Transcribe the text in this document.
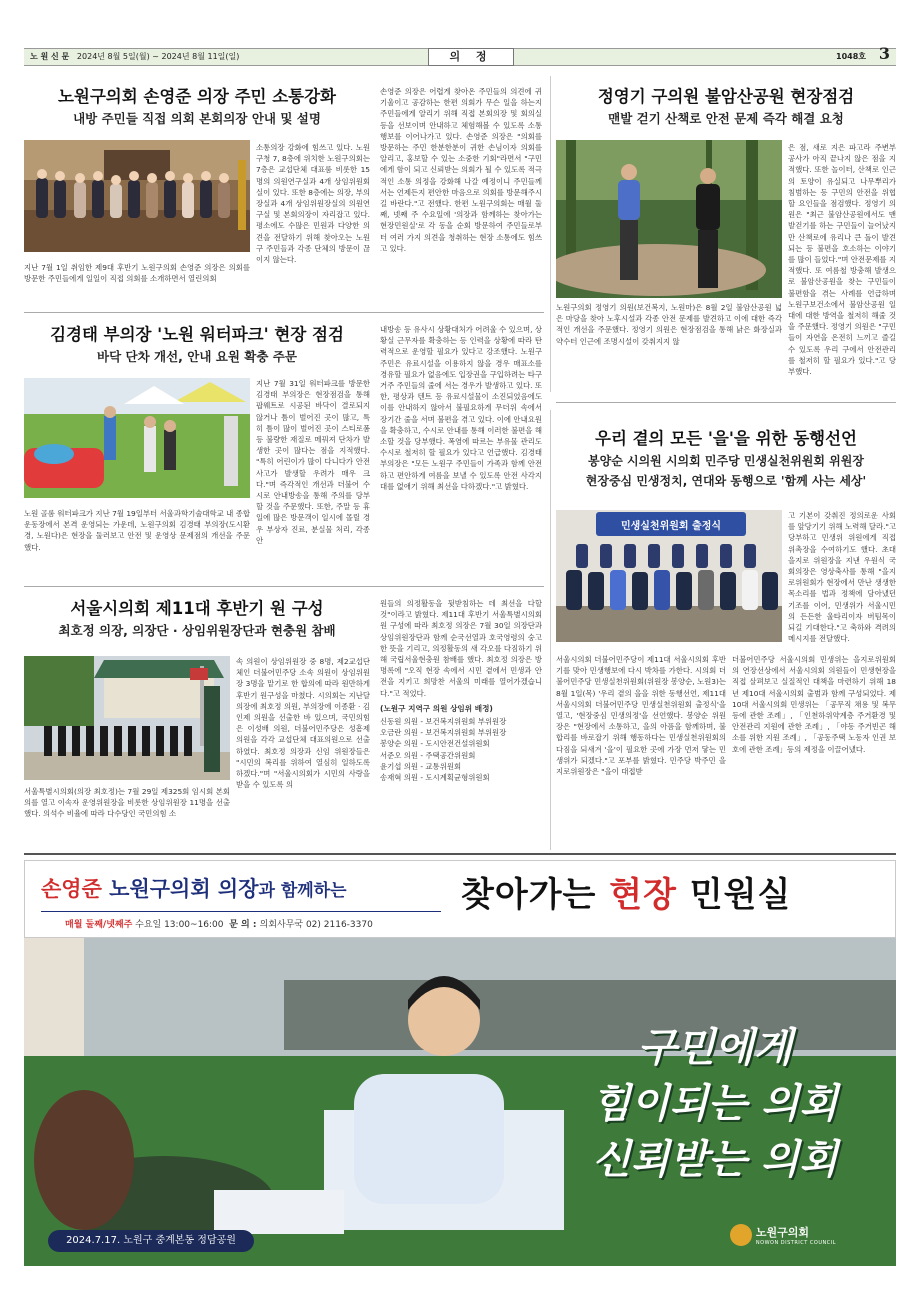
노 원 신 문 2024년 8월 5일(월) ~ 2024년 8월 11일(일)	의 정	1048호 3
노원구의회 손영준 의장 주민 소통강화
내방 주민들 직접 의회 본회의장 안내 및 설명
소통의장 강화에 힘쓰고 있다. 노원구청 7, 8층에 위치한 노원구의회는 7층은 교섭단체 대표룸 비롯한 15명의 의원연구실과 4개 상임위원회실이 있다. 또한 8층에는 의장, 부의장실과 4개 상임위원장실의 의원연구실 및 본회의장이 자리잡고 있다. 평소에도 수많은 민원과 다양한 의견을 전달하기 위해 찾아오는 노원구 주민들과 각종 단체의 방문이 끊이지 않는다.
지난 7월 1일 취임한 제9대 후반기 노원구의회 손영준 의장은 의회를 방문한 주민들에게 일일이 직접 의회를 소개하면서 열린의회
손영준 의장은 어렵게 찾아온 주민들의 의견에 귀 기울이고 공감하는 한편 의회가 무슨 일을 하는지 주민들에게 알리기 위해 직접 본회의장 및 회의실 등을 선보이며 안내하고 체험해볼 수 있도록 소통행보를 이어나가고 있다. 손영준 의장은 "의회를 방문하는 주민 한분한분이 귀한 손님이자 의회를 알리고, 홍보할 수 있는 소중한 기회"라면서 "구민에게 함이 되고 신뢰받는 의회가 될 수 있도록 적극적인 소통 의정을 강화해 나갈 예정이니 주민들께서는 언제든지 편안한 마음으로 의회를 방문해주시길 바란다."고 전했다. 한편 노원구의회는 매월 둘째, 넷째 주 수요일에 '의장과 함께하는 찾아가는 현장민원실'로 각 동을 순회 방문하여 주민들로부터 여러 가지 의견을 청취하는 현장 소통에도 힘쓰고 있다.
정영기 구의원 불암산공원 현장점검
맨발 걷기 산책로 안전 문제 즉각 해결 요청
은 점, 새로 지은 파고라 주변부 공사가 아직 끝나지 않은 점을 지적했다. 또한 놀이터, 산책로 인근의 토양이 유실되고 나무뿌리가 침범하는 등 구민의 안전을 위협할 요인들을 점검했다. 정영기 의원은 "최근 불암산공원에서도 맨발걷기를 하는 구민들이 늘어났지만 산책로에 유리나 큰 돌이 발견되는 등 불편을 호소하는 이야기를 많이 들었다."며 안전문제를 지적했다. 또 여름철 방충해 발생으로 불암산공원을 찾는 구민들이 불편함을 겪는 사례를 언급하며 노원구보건소에서 불암산공원 일대에 대한 방역을 철저히 해줄 것을 주문했다. 정영기 의원은 "구민들이 자연을 온전히 느끼고 즐길 수 있도록 우리 구에서 안전관리를 철저히 할 필요가 있다."고 당부했다.
노원구의회 정영기 의원(보건복지, 노원마)은 8월 2일 불암산공원 넓은 마당을 찾아 노후시설과 각종 안전 문제를 발견하고 이에 대한 즉각적인 개선을 주문했다. 정영기 의원은 현장점검을 통해 낡은 화장실과 약수터 인근에 조명시설이 갖춰지지 않
김경태 부의장 '노원 워터파크' 현장 점검
바닥 단차 개선, 안내 요원 확충 주문
지난 7월 31일 워터파크를 방문한 김경태 부의장은 현장점검을 통해 팝웨트로 시공된 바닥이 결로되지 않거나 틈이 벌어진 곳이 많고, 특히 틈이 많이 벌어진 곳이 스티로폼 등 불량한 재질로 메꿔져 단차가 발생한 곳이 많다는 점을 지적했다. "특히 어린이가 많이 다니다가 안전사고가 발생할 우려가 매우 크다."며 즉각적인 개선과 더불어 수시로 안내방송을 통해 주의를 당부할 것을 주문했다. 또한, 주말 등 휴일에 많은 방문객이 일시에 몰릴 경우 부상자 진료, 분실물 처리, 각종 안
노원 골롬 워터파크가 지난 7월 19일부터 서울과학기술대학교 내 종합운동장에서 본격 운영되는 가운데, 노원구의회 김경태 부의장(도시환경, 노원다)은 현장을 둘러보고 안전 및 운영상 문제점의 개선을 주문했다.
내방송 등 유사시 상황대처가 어려울 수 있으며, 상황실 근무자를 확충하는 등 인력을 상황에 따라 탄력적으로 운영할 필요가 있다고 강조했다. 노원구 주민은 유료시설을 이용하지 않을 경우 매표소를 경유할 필요가 없음에도 입장권을 구입하려는 타구 거주 주민들의 줄에 서는 경우가 발생하고 있다. 또한, 평상과 텐트 등 유료시설물이 소진되었음에도 이를 안내하지 않아서 불필요하게 무더위 속에서 장기간 줄을 서며 불편을 겪고 있다. 이에 안내요원을 확충하고, 수시로 안내를 통해 이러한 불편을 해소할 것을 당부했다. 폭염에 따르는 부유물 관리도 수시로 철저히 할 필요가 있다고 언급했다. 김경태 부의장은 "모든 노원구 주민들이 가족과 함께 안전하고 편안하게 여름을 보낼 수 있도록 안전 사각지대를 없애기 위해 최선을 다하겠다."고 밝혔다.
우리 곁의 모든 '을'을 위한 동행선언
봉양순 시의원 시의회 민주당 민생실천위원회 위원장
현장중심 민생정치, 연대와 동행으로 '함께 사는 세상'
민생실천위원회 출정식
고 기본이 갖춰진 정의로운 사회를 앞당기기 위해 노력해 달라."고 당부하고 민생위 위원에게 직접 위촉장을 수여하기도 했다. 초대 을지로 위원장을 지낸 우원식 국회의장은 영상축사를 통해 "을지로위원회가 현장에서 만난 생생한 목소리를 법과 정책에 담아냈던 기조를 이어, 민생위가 서울시민의 든든한 울타리이자 버팀목이 되길 기대한다."고 축하와 격려의 메시지를 전달했다.
서울시의회 더불어민주당이 제11대 서울시의회 후반기를 맞아 민생행보에 다시 박차를 가한다. 시의회 더불어민주당 민생실천위원회(위원장 봉양순, 노원3)는 8월 1일(목) '우리 곁의 을을 위한 동행선언, 제11대 서울시의회 더불어민주당 민생실천위원회 출정식'을 열고, '현장중심 민생의정'을 선언했다. 봉양순 위원장은 "현장에서 소통하고, 을의 아픔을 함께하며, 불합리를 바로잡기 위해 행동하다는 민생실천위원회의 다짐을 되새겨 '을'이 필요한 곳에 가장 먼저 닿는 민생위가 되겠다."고 포부를 밝혔다. 민주당 박주민 을지로위원장은 "을이 대접받
더불어민주당 서울시의회 민생위는 을지로위원회의 연장선상에서 서울시의회 의원들이 민생현장을 직접 살펴보고 실질적인 대책을 마련하기 위해 18년 제10대 서울시의회 출범과 함께 구성되었다. 제10대 서울시의회 민생위는 「공무직 채용 및 복무 등에 관한 조례」, 「인천하위약계층 주거환경 및 안전관리 지원에 관한 조례」, 「야동 주거빈곤 해소를 위한 지원 조례」, 「공동주택 노동자 인권 보호에 관한 조례」등의 제정을 이끌어냈다.
서울시의회 제11대 후반기 원 구성
최호정 의장, 의장단 · 상임위원장단과 현충원 참배
속 의원이 상임위원장 중 8명, 제2교섭단체인 더불어민주당 소속 의원이 상임위원장 3명을 맡기로 한 합의에 따라 원만하게 후반기 원구성을 마쳤다. 시의회는 지난달 의장에 최호정 의원, 부의장에 이종환 · 김인제 의원을 선출한 바 있으며, 국민의힘은 이성배 의원, 더불어민주당은 성흠제 의원을 각각 교섭단체 대표의원으로 선출하였다. 최호정 의장과 신임 위원장들은 "시민의 복리를 위하여 열심히 일하도록 하겠다."며 "서울시의회가 시민의 사랑을 받을 수 있도록 의
서울특별시의회(의장 최호정)는 7월 29일 제325회 임시회 본회의를 열고 이속자 운영위원장을 비롯한 상임위원장 11명을 선출했다. 의석수 비율에 따라 다수당인 국민의힘 소
원들의 의정활동을 뒷받침하는 데 최선을 다할 것"이라고 밝혔다. 제11대 후반기 서울특별시의회 원 구성에 따라 최호정 의장은 7월 30일 의장단과 상임위원장단과 함께 순국선열과 호국영령의 숭고한 뜻을 기리고, 의정활동의 새 각오를 다짐하기 위해 국립서울현충원 참배를 했다. 최호정 의장은 방명록에 "오직 현장 속에서 시민 곁에서 민생과 안전을 지키고 희망찬 서울의 미래를 열어가겠습니다."고 적었다.
(노원구 지역구 의원 상임위 배정)
신동원 의원 - 보건복지위원회 부위원장
오금란 의원 - 보건복지위원회 부위원장
봉양순 의원 - 도시안전건설위원회
서준오 의원 - 주택공간위원회
윤기섭 의원 - 교통위원회
송재혁 의원 - 도시계획균형위원회
손영준 노원구의회 의장과 함께하는
매월 둘째/넷째주 수요일 13:00~16:00 문 의 : 의회사무국 02) 2116-3370
찾아가는 현장 민원실
구민에게
힘이되는 의회
신뢰받는 의회
2024.7.17. 노원구 중계본동 정담공원
노원구의회
NOWON DISTRICT COUNCIL
